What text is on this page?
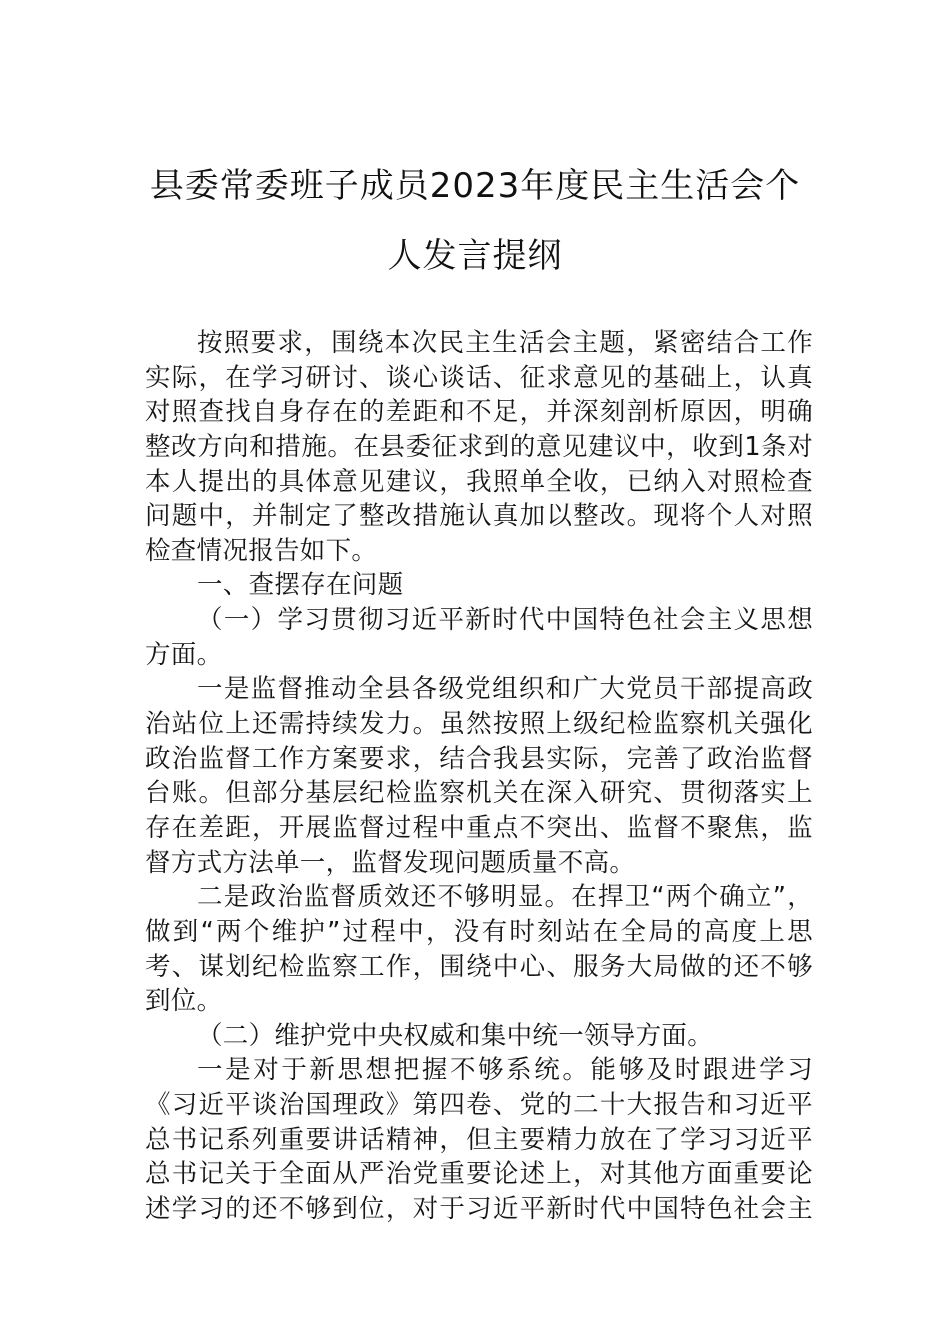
县委常委班子成员2023年度民主生活会个
人发言提纲
按照要求，围绕本次民主生活会主题，紧密结合工作
实际，在学习研讨、谈心谈话、征求意见的基础上，认真
对照查找自身存在的差距和不足，并深刻剖析原因，明确
整改方向和措施。在县委征求到的意见建议中，收到1条对
本人提出的具体意见建议，我照单全收，已纳入对照检查
问题中，并制定了整改措施认真加以整改。现将个人对照
检查情况报告如下。
一、查摆存在问题
（一）学习贯彻习近平新时代中国特色社会主义思想
方面。
一是监督推动全县各级党组织和广大党员干部提高政
治站位上还需持续发力。虽然按照上级纪检监察机关强化
政治监督工作方案要求，结合我县实际，完善了政治监督
台账。但部分基层纪检监察机关在深入研究、贯彻落实上
存在差距，开展监督过程中重点不突出、监督不聚焦，监
督方式方法单一，监督发现问题质量不高。
二是政治监督质效还不够明显。在捍卫“两个确立”，
做到“两个维护”过程中，没有时刻站在全局的高度上思
考、谋划纪检监察工作，围绕中心、服务大局做的还不够
到位。
（二）维护党中央权威和集中统一领导方面。
一是对于新思想把握不够系统。能够及时跟进学习
《习近平谈治国理政》第四卷、党的二十大报告和习近平
总书记系列重要讲话精神，但主要精力放在了学习习近平
总书记关于全面从严治党重要论述上，对其他方面重要论
述学习的还不够到位，对于习近平新时代中国特色社会主
